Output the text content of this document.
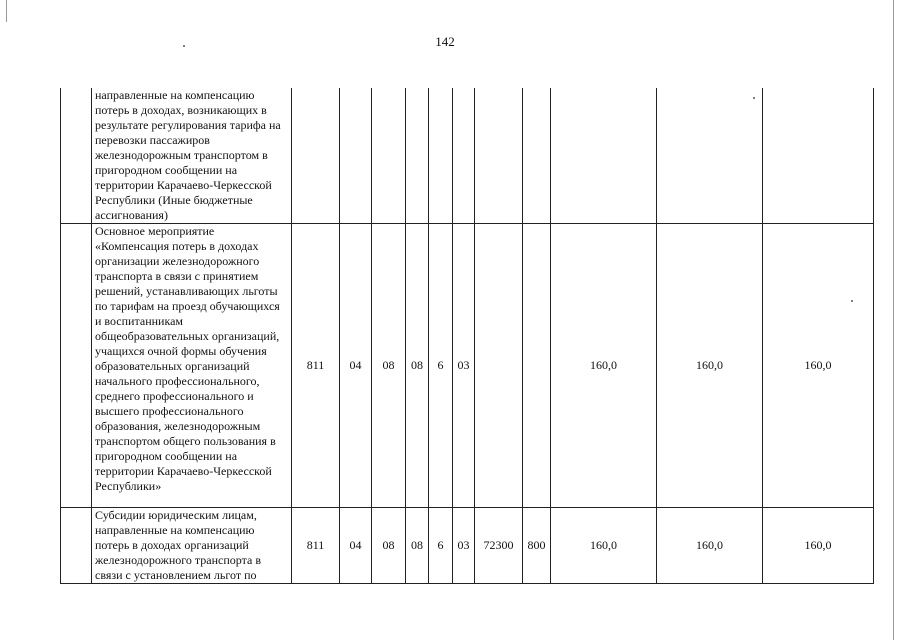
142
	направленные на компенсацию потерь в доходах, возникающих в результате регулирования тарифа на перевозки пассажиров железнодорожным транспортом в пригородном сообщении на территории Карачаево-Черкесской Республики (Иные бюджетные ассигнования)											
	Основное мероприятие «Компенсация потерь в доходах организации железнодорожного транспорта в связи с принятием решений, устанавливающих льготы по тарифам на проезд обучающихся и воспитанникам общеобразовательных организаций, учащихся очной формы обучения образовательных организаций начального профессионального, среднего профессионального и высшего профессионального образования, железнодорожным транспортом общего пользования в пригородном сообщении на территории Карачаево-Черкесской Республики»	811	04	08	08	6	03			160,0	160,0	160,0
	Субсидии юридическим лицам, направленные на компенсацию потерь в доходах организаций железнодорожного транспорта в связи с установлением льгот по	811	04	08	08	6	03	72300	800	160,0	160,0	160,0
